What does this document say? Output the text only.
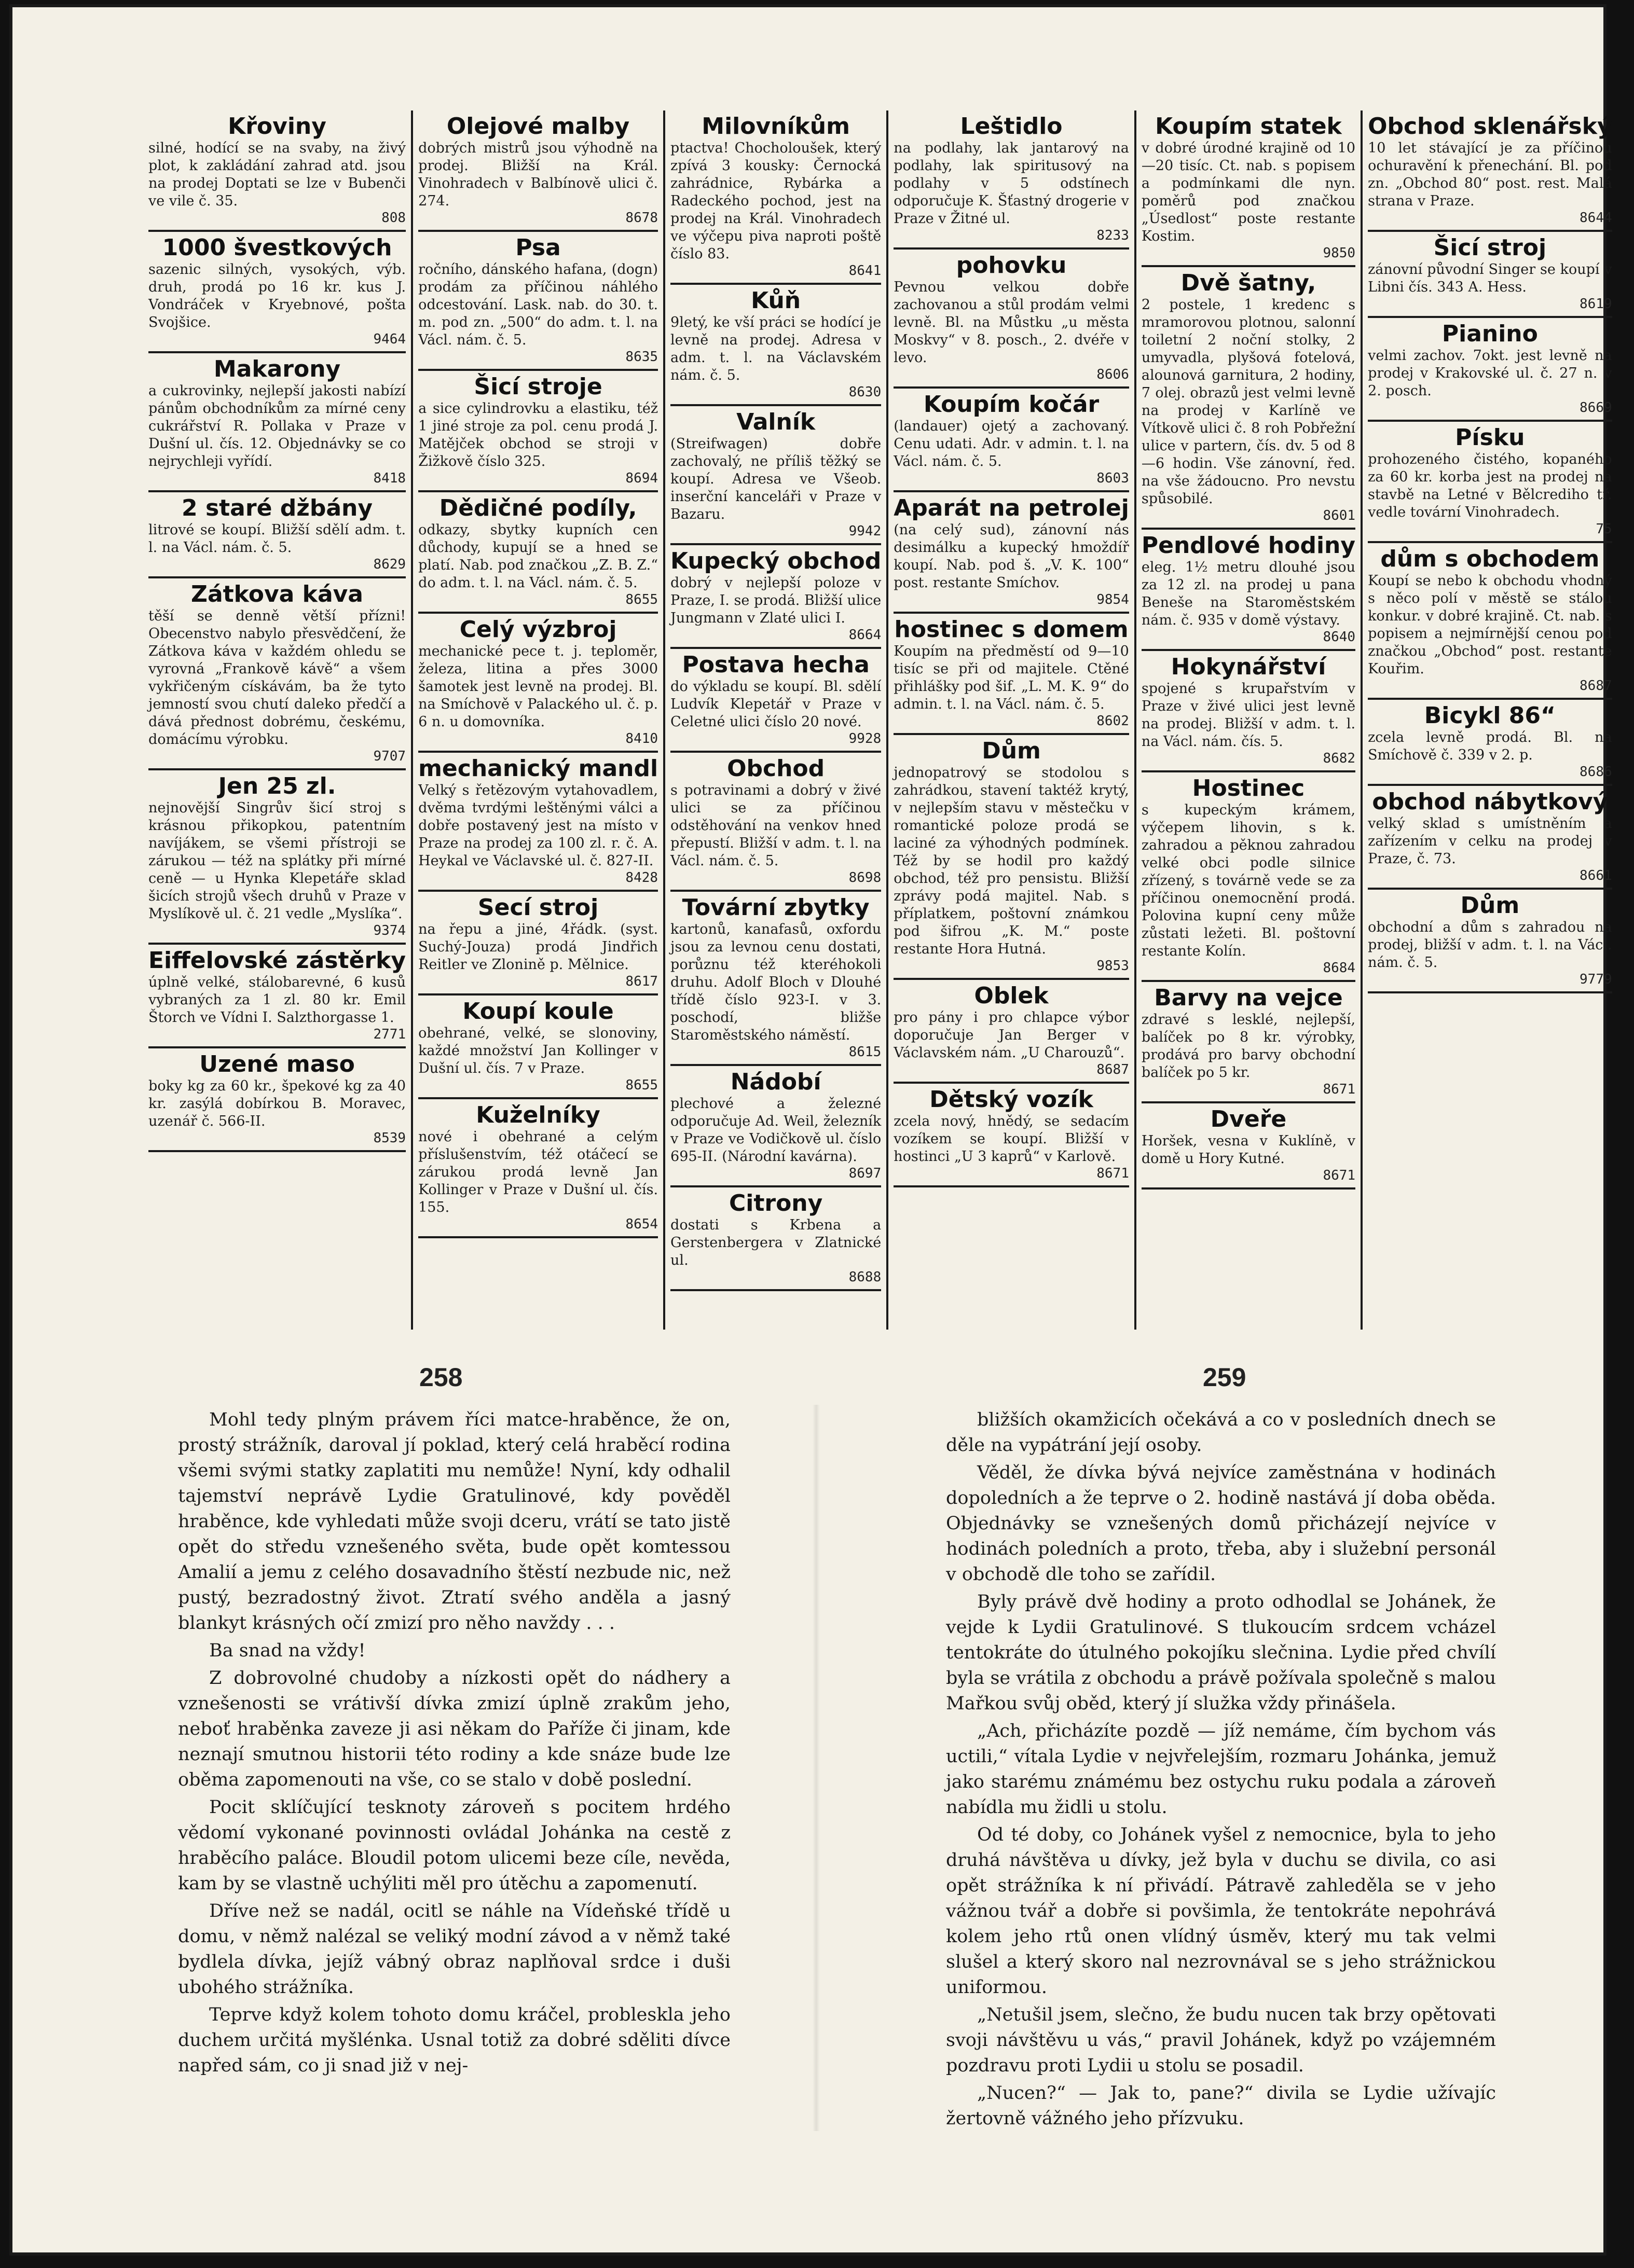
Křoviny
silné, hodící se na svaby, na živý plot, k zakládání zahrad atd. jsou na prodej Doptati se lze v Bubenči ve vile č. 35.
808
1000 švestkových
sazenic silných, vysokých, výb. druh, prodá po 16 kr. kus J. Vondráček v Kryebnové, pošta Svojšice.
9464
Makarony
a cukrovinky, nejlepší jakosti nabízí pánům obchodníkům za mírné ceny cukrářství R. Pollaka v Praze v Dušní ul. čís. 12. Objednávky se co nejrychleji vyřídí.
8418
2 staré džbány
litrové se koupí. Bližší sdělí adm. t. l. na Václ. nám. č. 5.
8629
Zátkova káva
těší se denně větší přízni! Obecenstvo nabylo přesvědčení, že Zátkova káva v každém ohledu se vyrovná „Frankově kávě“ a všem vykřičeným cískávám, ba že tyto jemností svou chutí daleko předčí a dává přednost dobrému, českému, domácímu výrobku.
9707
Jen 25 zl.
nejnovější Singrův šicí stroj s krásnou přikopkou, patentním navíjákem, se všemi přístroji se zárukou — též na splátky při mírné ceně — u Hynka Klepetáře sklad šicích strojů všech druhů v Praze v Myslíkově ul. č. 21 vedle „Myslíka“.
9374
Eiffelovské zástěrky
úplně velké, stálobarevné, 6 kusů vybraných za 1 zl. 80 kr. Emil Štorch ve Vídni I. Salzthorgasse 1.
2771
Uzené maso
boky kg za 60 kr., špekové kg za 40 kr. zasýlá dobírkou B. Moravec, uzenář č. 566-II.
8539
Olejové malby
dobrých mistrů jsou výhodně na prodej. Bližší na Král. Vinohradech v Balbínově ulici č. 274.
8678
Psa
ročního, dánského hafana, (dogn) prodám za příčinou náhlého odcestování. Lask. nab. do 30. t. m. pod zn. „500“ do adm. t. l. na Václ. nám. č. 5.
8635
Šicí stroje
a sice cylindrovku a elastiku, též 1 jiné stroje za pol. cenu prodá J. Matějček obchod se stroji v Žižkově číslo 325.
8694
Dědičné podíly,
odkazy, sbytky kupních cen důchody, kupují se a hned se platí. Nab. pod značkou „Z. B. Z.“ do adm. t. l. na Václ. nám. č. 5.
8655
Celý výzbroj
mechanické pece t. j. teploměr, železa, litina a přes 3000 šamotek jest levně na prodej. Bl. na Smíchově v Palackého ul. č. p. 6 n. u domovníka.
8410
mechanický mandl
Velký s řetězovým vytahovadlem, dvěma tvrdými leštěnými válci a dobře postavený jest na místo v Praze na prodej za 100 zl. r. č. A. Heykal ve Václavské ul. č. 827-II.
8428
Secí stroj
na řepu a jiné, 4řádk. (syst. Suchý-Jouza) prodá Jindřich Reitler ve Zlonině p. Mělnice.
8617
Koupí koule
obehrané, velké, se slonoviny, každé množství Jan Kollinger v Dušní ul. čís. 7 v Praze.
8655
Kuželníky
nové i obehrané a celým příslušenstvím, též otáčecí se zárukou prodá levně Jan Kollinger v Praze v Dušní ul. čís. 155.
8654
Milovníkům
ptactva! Chocholoušek, který zpívá 3 kousky: Černocká zahrádnice, Rybárka a Radeckého pochod, jest na prodej na Král. Vinohradech ve výčepu piva naproti poště číslo 83.
8641
Kůň
9letý, ke vší práci se hodící je levně na prodej. Adresa v adm. t. l. na Václavském nám. č. 5.
8630
Valník
(Streifwagen) dobře zachovalý, ne příliš těžký se koupí. Adresa ve Všeob. inserční kanceláři v Praze v Bazaru.
9942
Kupecký obchod
dobrý v nejlepší poloze v Praze, I. se prodá. Bližší ulice Jungmann v Zlaté ulici I.
8664
Postava hecha
do výkladu se koupí. Bl. sdělí Ludvík Klepetář v Praze v Celetné ulici číslo 20 nové.
9928
Obchod
s potravinami a dobrý v živé ulici se za příčinou odstěhování na venkov hned přepustí. Bližší v adm. t. l. na Václ. nám. č. 5.
8698
Tovární zbytky
kartonů, kanafasů, oxfordu jsou za levnou cenu dostati, porůznu též kteréhokoli druhu. Adolf Bloch v Dlouhé třídě číslo 923-I. v 3. poschodí, bližše Staroměstského náměstí.
8615
Nádobí
plechové a železné odporučuje Ad. Weil, železník v Praze ve Vodičkově ul. číslo 695-II. (Národní kavárna).
8697
Citrony
dostati s Krbena a Gerstenbergera v Zlatnické ul.
8688
Leštidlo
na podlahy, lak jantarový na podlahy, lak spiritusový na podlahy v 5 odstínech odporučuje K. Šťastný drogerie v Praze v Žitné ul.
8233
pohovku
Pevnou velkou dobře zachovanou a stůl prodám velmi levně. Bl. na Můstku „u města Moskvy“ v 8. posch., 2. dvéře v levo.
8606
Koupím kočár
(landauer) ojetý a zachovaný. Cenu udati. Adr. v admin. t. l. na Václ. nám. č. 5.
8603
Aparát na petrolej
(na celý sud), zánovní nás desimálku a kupecký hmoždíř koupí. Nab. pod š. „V. K. 100“ post. restante Smíchov.
9854
hostinec s domem
Koupím na předměstí od 9—10 tisíc se při od majitele. Ctěné přihlášky pod šif. „L. M. K. 9“ do admin. t. l. na Václ. nám. č. 5.
8602
Dům
jednopatrový se stodolou s zahrádkou, stavení taktéž krytý, v nejlepším stavu v městečku v romantické poloze prodá se laciné za výhodných podmínek. Též by se hodil pro každý obchod, též pro pensistu. Bližší zprávy podá majitel. Nab. s příplatkem, poštovní známkou pod šifrou „K. M.“ poste restante Hora Hutná.
9853
Oblek
pro pány i pro chlapce výbor doporučuje Jan Berger v Václavském nám. „U Charouzů“.
8687
Dětský vozík
zcela nový, hnědý, se sedacím vozíkem se koupí. Bližší v hostinci „U 3 kaprů“ v Karlově.
8671
Koupím statek
v dobré úrodné krajině od 10—20 tisíc. Ct. nab. s popisem a podmínkami dle nyn. poměrů pod značkou „Úsedlost“ poste restante Kostim.
9850
Dvě šatny,
2 postele, 1 kredenc s mramorovou plotnou, salonní toiletní 2 noční stolky, 2 umyvadla, plyšová fotelová, alounová garnitura, 2 hodiny, 7 olej. obrazů jest velmi levně na prodej v Karlíně ve Vítkově ulici č. 8 roh Pobřežní ulice v partern, čís. dv. 5 od 8—6 hodin. Vše zánovní, řed. na vše žádoucno. Pro nevstu spůsobilé.
8601
Pendlové hodiny
eleg. 1½ metru dlouhé jsou za 12 zl. na prodej u pana Beneše na Staroměstském nám. č. 935 v domě výstavy.
8640
Hokynářství
spojené s krupařstvím v Praze v živé ulici jest levně na prodej. Bližší v adm. t. l. na Václ. nám. čís. 5.
8682
Hostinec
s kupeckým krámem, výčepem lihovin, s k. zahradou a pěknou zahradou velké obci podle silnice zřízený, s továrně vede se za příčinou onemocnění prodá. Polovina kupní ceny může zůstati ležeti. Bl. poštovní restante Kolín.
8684
Barvy na vejce
zdravé s lesklé, nejlepší, balíček po 8 kr. výrobky, prodává pro barvy obchodní balíček po 5 kr.
8671
Dveře
Horšek, vesna v Kuklíně, v domě u Hory Kutné.
8671
Obchod sklenářský
10 let stávající je za příčinou ochuravění k přenechání. Bl. pod zn. „Obchod 80“ post. rest. Malá strana v Praze.
8644
Šicí stroj
zánovní původní Singer se koupí v Libni čís. 343 A. Hess.
8619
Pianino
velmi zachov. 7okt. jest levně na prodej v Krakovské ul. č. 27 n. v 2. posch.
8669
Písku
prohozeného čistého, kopaného za 60 kr. korba jest na prodej na stavbě na Letné v Bělcrediho tř. vedle tovární Vinohradech.
75
dům s obchodem
Koupí se nebo k obchodu vhodný s něco polí v městě se stálou konkur. v dobré krajině. Ct. nab. s popisem a nejmírnější cenou pod značkou „Obchod“ post. restante Kouřim.
8687
Bicykl 86“
zcela levně prodá. Bl. na Smíchově č. 339 v 2. p.
8686
obchod nábytkový
velký sklad s umístněním a zařízením v celku na prodej v Praze, č. 73.
8661
Dům
obchodní a dům s zahradou na prodej, bližší v adm. t. l. na Václ. nám. č. 5.
9779
258	259

Mohl tedy plným právem říci matce-hraběnce, že on, prostý strážník, daroval jí poklad, který celá hraběcí rodina všemi svými statky zaplatiti mu nemůže! Nyní, kdy odhalil tajemství neprávě Lydie Gratulinové, kdy pověděl hraběnce, kde vyhledati může svoji dceru, vrátí se tato jistě opět do středu vznešeného světa, bude opět komtessou Amalií a jemu z celého dosavadního štěstí nezbude nic, než pustý, bezradostný život. Ztratí svého anděla a jasný blankyt krásných očí zmizí pro něho navždy . . .

Ba snad na vždy!

Z dobrovolné chudoby a nízkosti opět do nádhery a vznešenosti se vrátivší dívka zmizí úplně zrakům jeho, neboť hraběnka zaveze ji asi někam do Paříže či jinam, kde neznají smutnou historii této rodiny a kde snáze bude lze oběma zapomenouti na vše, co se stalo v době poslední.

Pocit sklíčující tesknoty zároveň s pocitem hrdého vědomí vykonané povinnosti ovládal Johánka na cestě z hraběcího paláce. Bloudil potom ulicemi beze cíle, nevěda, kam by se vlastně uchýliti měl pro útěchu a zapomenutí.

Dříve než se nadál, ocitl se náhle na Vídeňské třídě u domu, v němž nalézal se veliký modní závod a v němž také bydlela dívka, jejíž vábný obraz naplňoval srdce i duši ubohého strážníka.

Teprve když kolem tohoto domu kráčel, probleskla jeho duchem určitá myšlénka. Usnal totiž za dobré sděliti dívce napřed sám, co ji snad již v nej-

bližších okamžicích očekává a co v posledních dnech se děle na vypátrání její osoby.

Věděl, že dívka bývá nejvíce zaměstnána v hodinách dopoledních a že teprve o 2. hodině nastává jí doba oběda. Objednávky se vznešených domů přicházejí nejvíce v hodinách poledních a proto, třeba, aby i služební personál v obchodě dle toho se zařídil.

Byly právě dvě hodiny a proto odhodlal se Johánek, že vejde k Lydii Gratulinové. S tlukoucím srdcem vcházel tentokráte do útulného pokojíku slečnina. Lydie před chvílí byla se vrátila z obchodu a právě požívala společně s malou Mařkou svůj oběd, který jí služka vždy přinášela.

„Ach, přicházíte pozdě — jíž nemáme, čím bychom vás uctili,“ vítala Lydie v nejvřelejším, rozmaru Johánka, jemuž jako starému známému bez ostychu ruku podala a zároveň nabídla mu židli u stolu.

Od té doby, co Johánek vyšel z nemocnice, byla to jeho druhá návštěva u dívky, jež byla v duchu se divila, co asi opět strážníka k ní přivádí. Pátravě zahleděla se v jeho vážnou tvář a dobře si povšimla, že tentokráte nepohrává kolem jeho rtů onen vlídný úsměv, který mu tak velmi slušel a který skoro nal nezrovnával se s jeho strážnickou uniformou.

„Netušil jsem, slečno, že budu nucen tak brzy opětovati svoji návštěvu u vás,“ pravil Johánek, když po vzájemném pozdravu proti Lydii u stolu se posadil.

„Nucen?“ — Jak to, pane?“ divila se Lydie užívajíc žertovně vážného jeho přízvuku.
